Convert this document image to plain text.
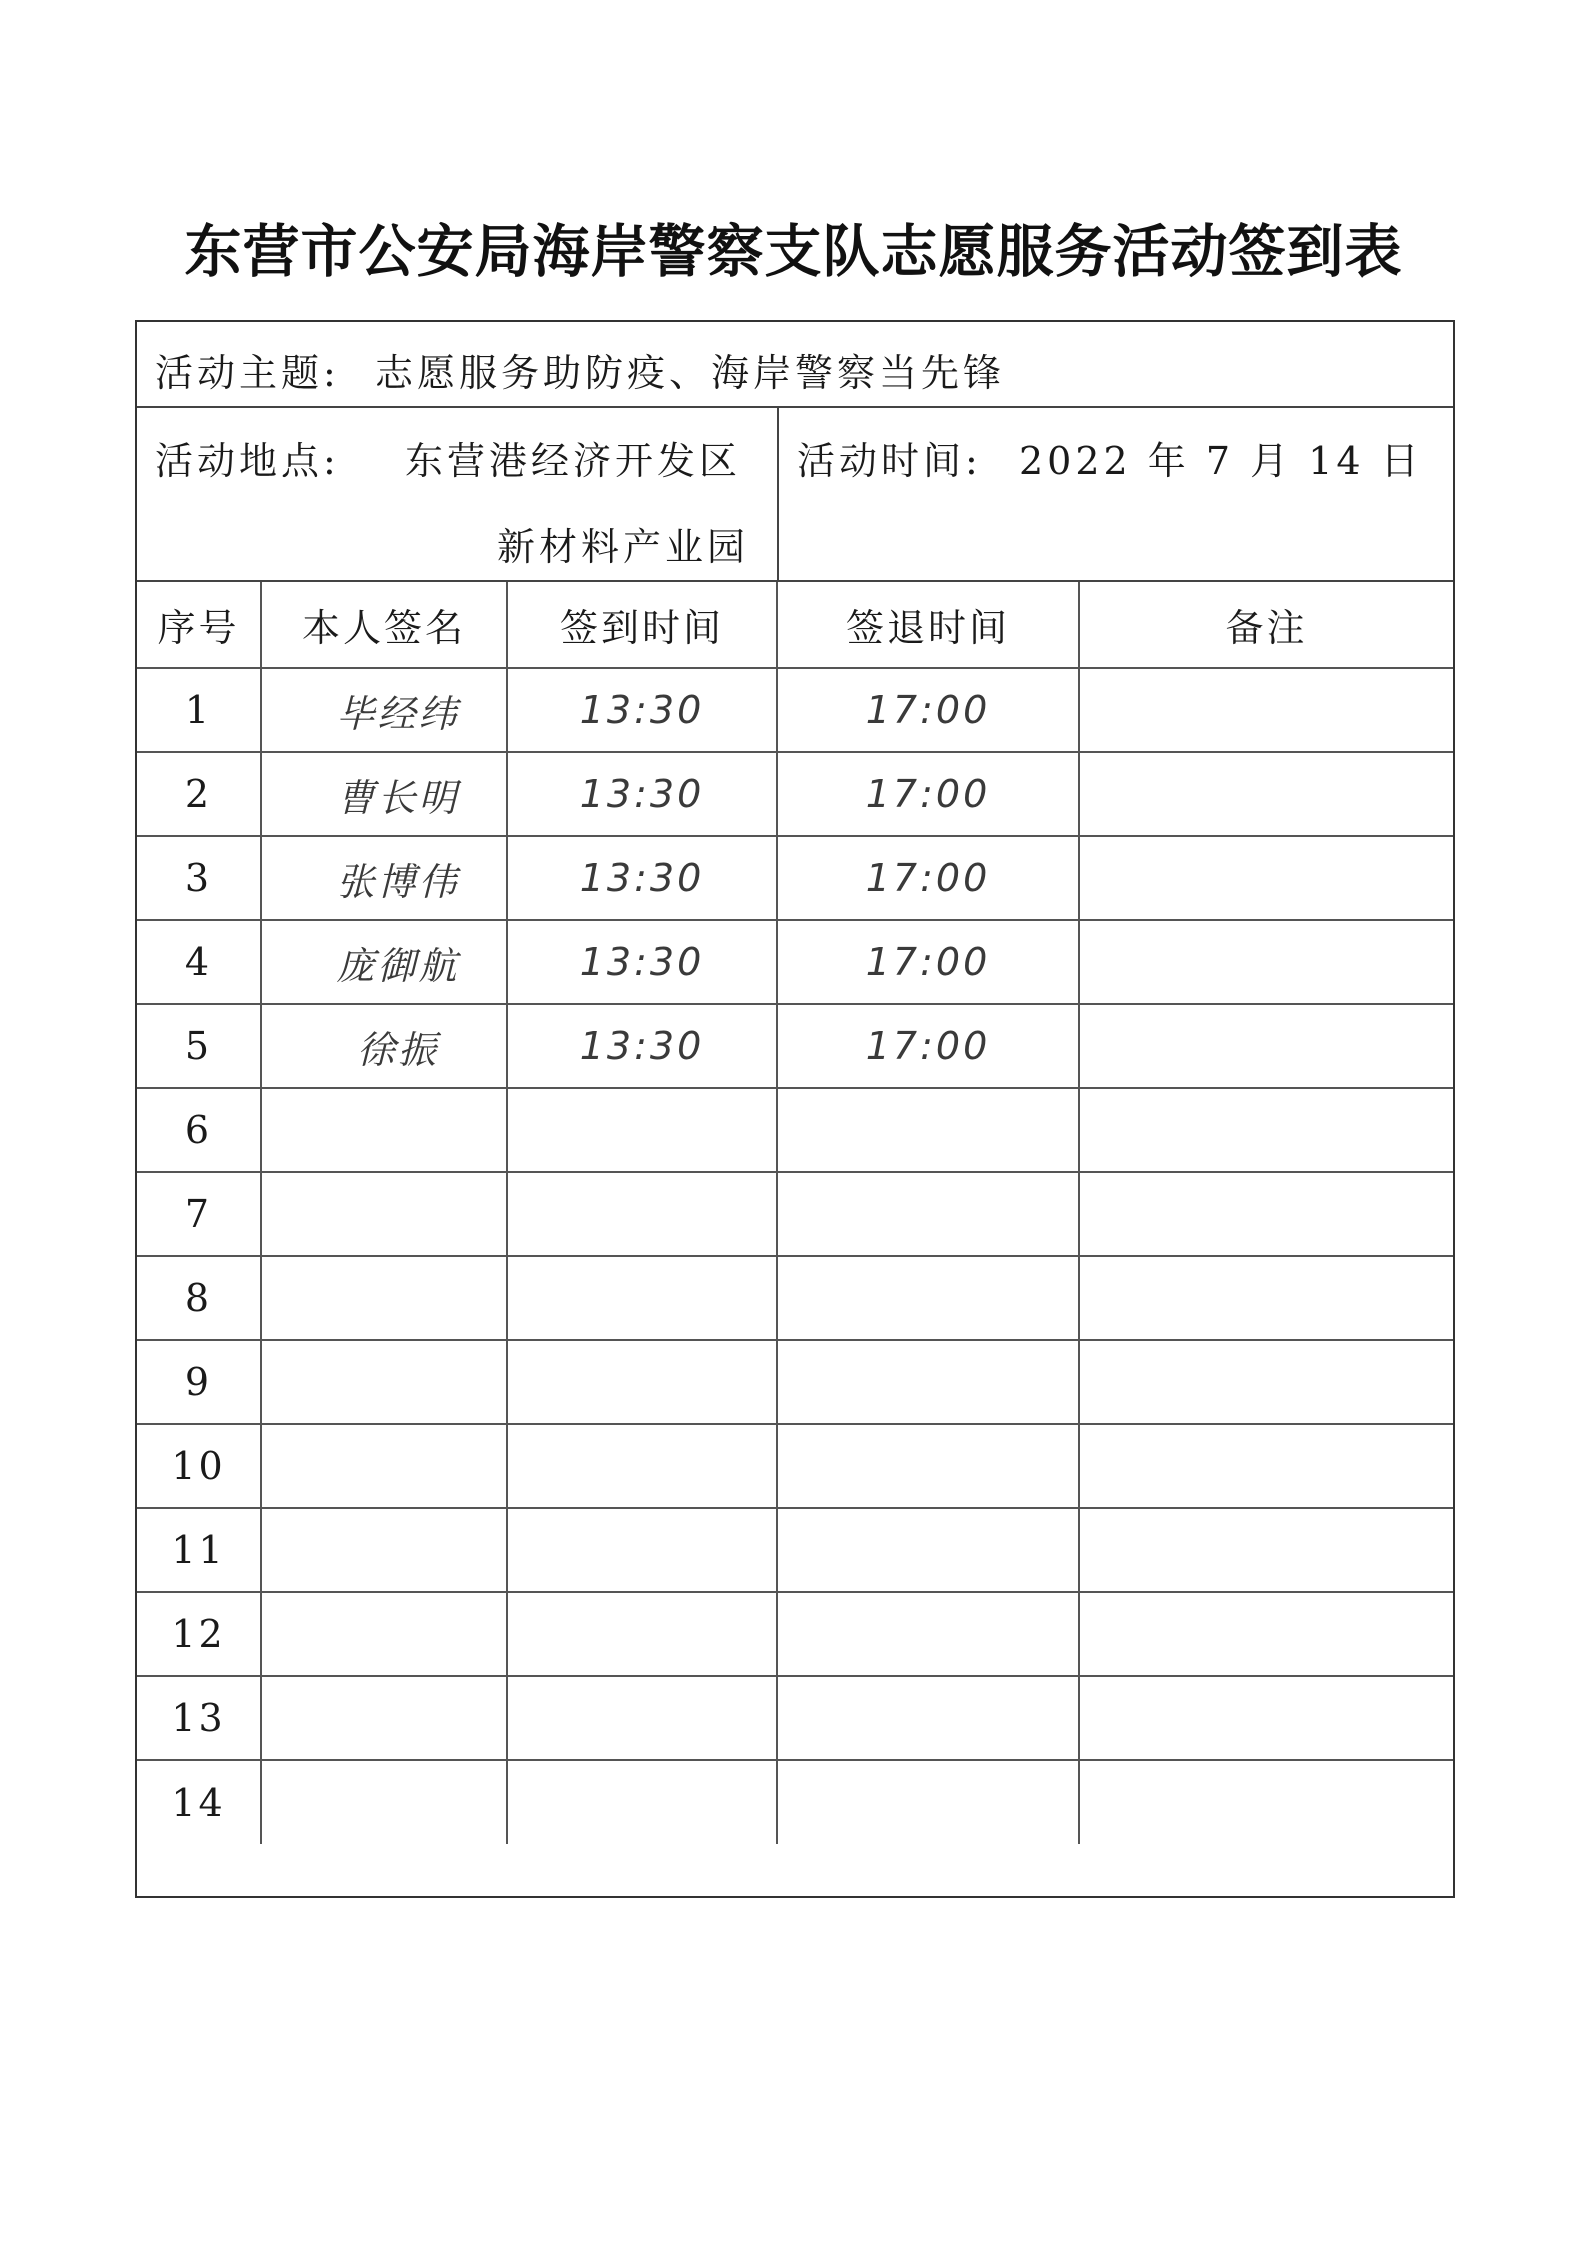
东营市公安局海岸警察支队志愿服务活动签到表
活动主题: 志愿服务助防疫、海岸警察当先锋
活动地点: 东营港经济开发区
新材料产业园
活动时间: 2022 年 7 月 14 日
序号	本人签名	签到时间	签退时间	备注
1	毕经纬	13:30	17:00	
2	曹长明	13:30	17:00	
3	张博伟	13:30	17:00	
4	庞御航	13:30	17:00	
5	徐振	13:30	17:00	
6				
7				
8				
9				
10				
11				
12				
13				
14				
